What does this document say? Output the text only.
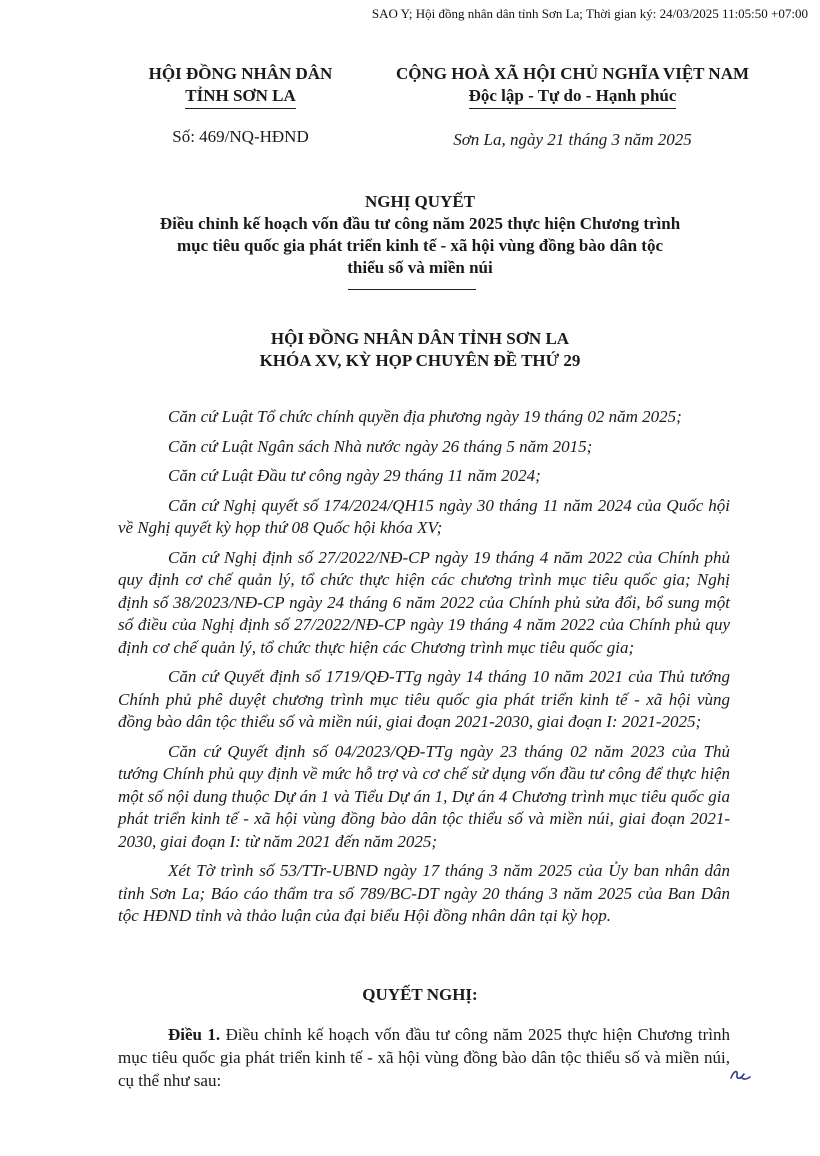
SAO Y; Hội đồng nhân dân tỉnh Sơn La; Thời gian ký: 24/03/2025 11:05:50 +07:00
HỘI ĐỒNG NHÂN DÂN
TỈNH SƠN LA
CỘNG HOÀ XÃ HỘI CHỦ NGHĨA VIỆT NAM
Độc lập - Tự do - Hạnh phúc
Số: 469/NQ-HĐND	Sơn La, ngày 21 tháng 3 năm 2025
NGHỊ QUYẾT
Điều chỉnh kế hoạch vốn đầu tư công năm 2025 thực hiện Chương trình
mục tiêu quốc gia phát triển kinh tế - xã hội vùng đồng bào dân tộc
thiểu số và miền núi
HỘI ĐỒNG NHÂN DÂN TỈNH SƠN LA
KHÓA XV, KỲ HỌP CHUYÊN ĐỀ THỨ 29

Căn cứ Luật Tổ chức chính quyền địa phương ngày 19 tháng 02 năm 2025;

Căn cứ Luật Ngân sách Nhà nước ngày 26 tháng 5 năm 2015;

Căn cứ Luật Đầu tư công ngày 29 tháng 11 năm 2024;

Căn cứ Nghị quyết số 174/2024/QH15 ngày 30 tháng 11 năm 2024 của Quốc hội về Nghị quyết kỳ họp thứ 08 Quốc hội khóa XV;

Căn cứ Nghị định số 27/2022/NĐ-CP ngày 19 tháng 4 năm 2022 của Chính phủ quy định cơ chế quản lý, tổ chức thực hiện các chương trình mục tiêu quốc gia; Nghị định số 38/2023/NĐ-CP ngày 24 tháng 6 năm 2022 của Chính phủ sửa đổi, bổ sung một số điều của Nghị định số 27/2022/NĐ-CP ngày 19 tháng 4 năm 2022 của Chính phủ quy định cơ chế quản lý, tổ chức thực hiện các Chương trình mục tiêu quốc gia;

Căn cứ Quyết định số 1719/QĐ-TTg ngày 14 tháng 10 năm 2021 của Thủ tướng Chính phủ phê duyệt chương trình mục tiêu quốc gia phát triển kinh tế - xã hội vùng đồng bào dân tộc thiểu số và miền núi, giai đoạn 2021-2030, giai đoạn I: 2021-2025;

Căn cứ Quyết định số 04/2023/QĐ-TTg ngày 23 tháng 02 năm 2023 của Thủ tướng Chính phủ quy định về mức hỗ trợ và cơ chế sử dụng vốn đầu tư công để thực hiện một số nội dung thuộc Dự án 1 và Tiểu Dự án 1, Dự án 4 Chương trình mục tiêu quốc gia phát triển kinh tế - xã hội vùng đồng bào dân tộc thiểu số và miền núi, giai đoạn 2021-2030, giai đoạn I: từ năm 2021 đến năm 2025;

Xét Tờ trình số 53/TTr-UBND ngày 17 tháng 3 năm 2025 của Ủy ban nhân dân tỉnh Sơn La; Báo cáo thẩm tra số 789/BC-DT ngày 20 tháng 3 năm 2025 của Ban Dân tộc HĐND tỉnh và thảo luận của đại biểu Hội đồng nhân dân tại kỳ họp.

QUYẾT NGHỊ:

Điều 1. Điều chỉnh kế hoạch vốn đầu tư công năm 2025 thực hiện Chương trình mục tiêu quốc gia phát triển kinh tế - xã hội vùng đồng bào dân tộc thiểu số và miền núi, cụ thể như sau:
